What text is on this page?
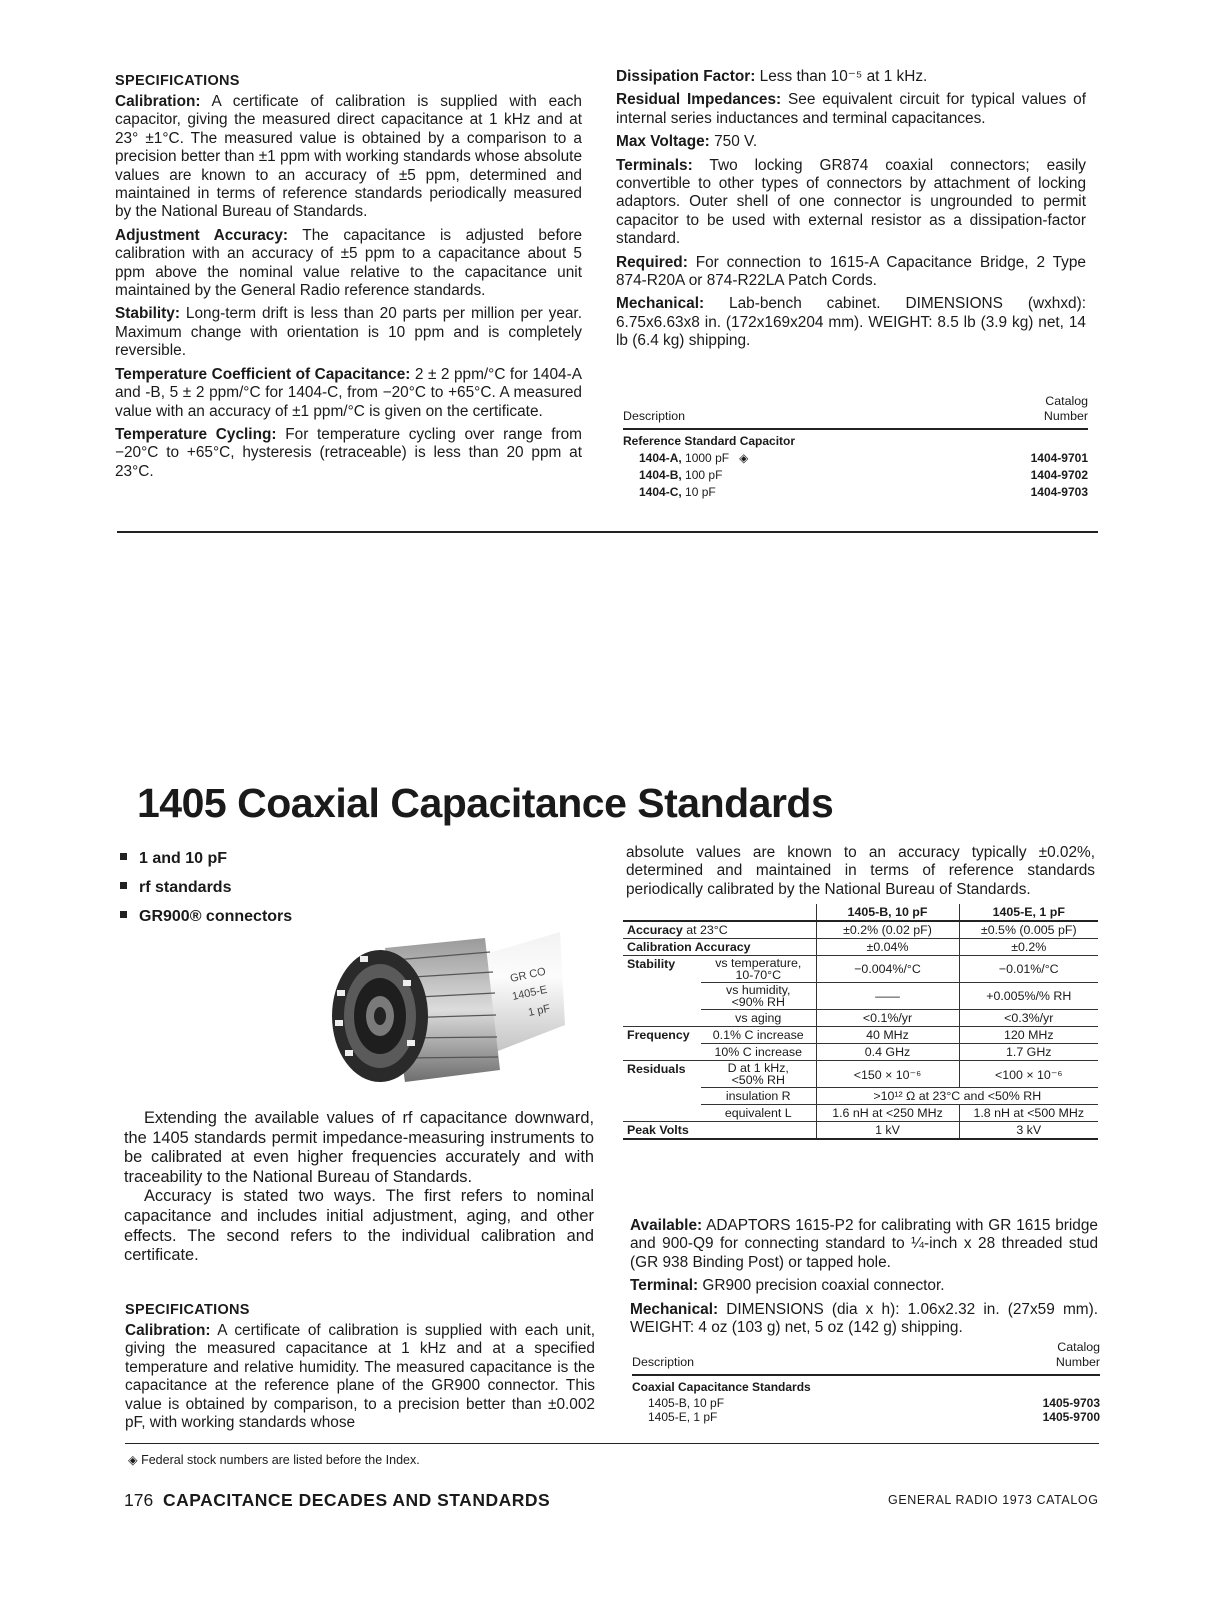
SPECIFICATIONS

Calibration: A certificate of calibration is supplied with each capacitor, giving the measured direct capacitance at 1 kHz and at 23° ±1°C. The measured value is obtained by a comparison to a precision better than ±1 ppm with working standards whose absolute values are known to an accuracy of ±5 ppm, determined and maintained in terms of reference standards periodically measured by the National Bureau of Standards.

Adjustment Accuracy: The capacitance is adjusted before calibration with an accuracy of ±5 ppm to a capacitance about 5 ppm above the nominal value relative to the capacitance unit maintained by the General Radio reference standards.

Stability: Long-term drift is less than 20 parts per million per year. Maximum change with orientation is 10 ppm and is completely reversible.

Temperature Coefficient of Capacitance: 2 ± 2 ppm/°C for 1404-A and -B, 5 ± 2 ppm/°C for 1404-C, from −20°C to +65°C. A measured value with an accuracy of ±1 ppm/°C is given on the certificate.

Temperature Cycling: For temperature cycling over range from −20°C to +65°C, hysteresis (retraceable) is less than 20 ppm at 23°C.

Dissipation Factor: Less than 10⁻⁵ at 1 kHz.

Residual Impedances: See equivalent circuit for typical values of internal series inductances and terminal capacitances.

Max Voltage: 750 V.

Terminals: Two locking GR874 coaxial connectors; easily convertible to other types of connectors by attachment of locking adaptors. Outer shell of one connector is ungrounded to permit capacitor to be used with external resistor as a dissipation-factor standard.

Required: For connection to 1615-A Capacitance Bridge, 2 Type 874-R20A or 874-R22LA Patch Cords.

Mechanical: Lab-bench cabinet. DIMENSIONS (wxhxd): 6.75x6.63x8 in. (172x169x204 mm). WEIGHT: 8.5 lb (3.9 kg) net, 14 lb (6.4 kg) shipping.

Description
Catalog
Number
Reference Standard Capacitor
1404-A, 1000 pF ◈	1404-9701
1404-B, 100 pF	1404-9702
1404-C, 10 pF	1404-9703
1405 Coaxial Capacitance Standards
1 and 10 pF
rf standards
GR900® connectors
GR CO
1405-E
1 pF

Extending the available values of rf capacitance downward, the 1405 standards permit impedance-measuring instruments to be calibrated at even higher frequencies accurately and with traceability to the National Bureau of Standards.

Accuracy is stated two ways. The first refers to nominal capacitance and includes initial adjustment, aging, and other effects. The second refers to the individual calibration and certificate.

SPECIFICATIONS

Calibration: A certificate of calibration is supplied with each unit, giving the measured capacitance at 1 kHz and at a specified temperature and relative humidity. The measured capacitance is the capacitance at the reference plane of the GR900 connector. This value is obtained by comparison, to a precision better than ±0.002 pF, with working standards whose

absolute values are known to an accuracy typically ±0.02%, determined and maintained in terms of reference standards periodically calibrated by the National Bureau of Standards.
		1405-B, 10 pF	1405-E, 1 pF
Accuracy at 23°C		±0.2% (0.02 pF)	±0.5% (0.005 pF)
Calibration Accuracy		±0.04%	±0.2%
Stability	vs temperature,
10-70°C	−0.004%/°C	−0.01%/°C
	vs humidity,
<90% RH	——	+0.005%/% RH
	vs aging	<0.1%/yr	<0.3%/yr
Frequency	0.1% C increase	40 MHz	120 MHz
	10% C increase	0.4 GHz	1.7 GHz
Residuals	D at 1 kHz,
<50% RH	<150 × 10⁻⁶	<100 × 10⁻⁶
	insulation R	>10¹² Ω at 23°C and <50% RH	
	equivalent L	1.6 nH at <250 MHz	1.8 nH at <500 MHz
Peak Volts		1 kV	3 kV

Available: ADAPTORS 1615-P2 for calibrating with GR 1615 bridge and 900-Q9 for connecting standard to ¼-inch x 28 threaded stud (GR 938 Binding Post) or tapped hole.

Terminal: GR900 precision coaxial connector.

Mechanical: DIMENSIONS (dia x h): 1.06x2.32 in. (27x59 mm). WEIGHT: 4 oz (103 g) net, 5 oz (142 g) shipping.

Description
Catalog
Number
Coaxial Capacitance Standards
1405-B, 10 pF	1405-9703
1405-E, 1 pF	1405-9700
◈ Federal stock numbers are listed before the Index.
176 CAPACITANCE DECADES AND STANDARDS	GENERAL RADIO 1973 CATALOG
